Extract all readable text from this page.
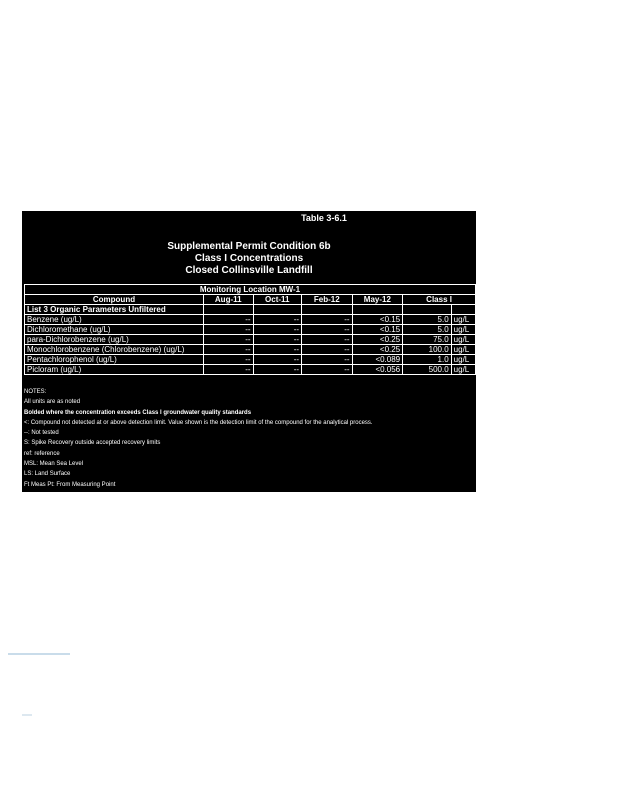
Table 3-6.1
Supplemental Permit Condition 6b
Class I Concentrations
Closed Collinsville Landfill
Monitoring Location MW-1						
Compound	Aug-11	Oct-11	Feb-12	May-12	Class I	
List 3 Organic Parameters Unfiltered						
Benzene (ug/L)	--	--	--	<0.15	5.0	ug/L
Dichloromethane (ug/L)	--	--	--	<0.15	5.0	ug/L
para-Dichlorobenzene (ug/L)	--	--	--	<0.25	75.0	ug/L
Monochlorobenzene (Chlorobenzene) (ug/L)	--	--	--	<0.25	100.0	ug/L
Pentachlorophenol (ug/L)	--	--	--	<0.089	1.0	ug/L
Picloram (ug/L)	--	--	--	<0.056	500.0	ug/L
NOTES:
All units are as noted
Bolded where the concentration exceeds Class I groundwater quality standards
<: Compound not detected at or above detection limit. Value shown is the detection limit of the compound for the analytical process.
--: Not tested
S: Spike Recovery outside accepted recovery limits
ref: reference
MSL: Mean Sea Level
LS: Land Surface
Ft Meas Pt: From Measuring Point
